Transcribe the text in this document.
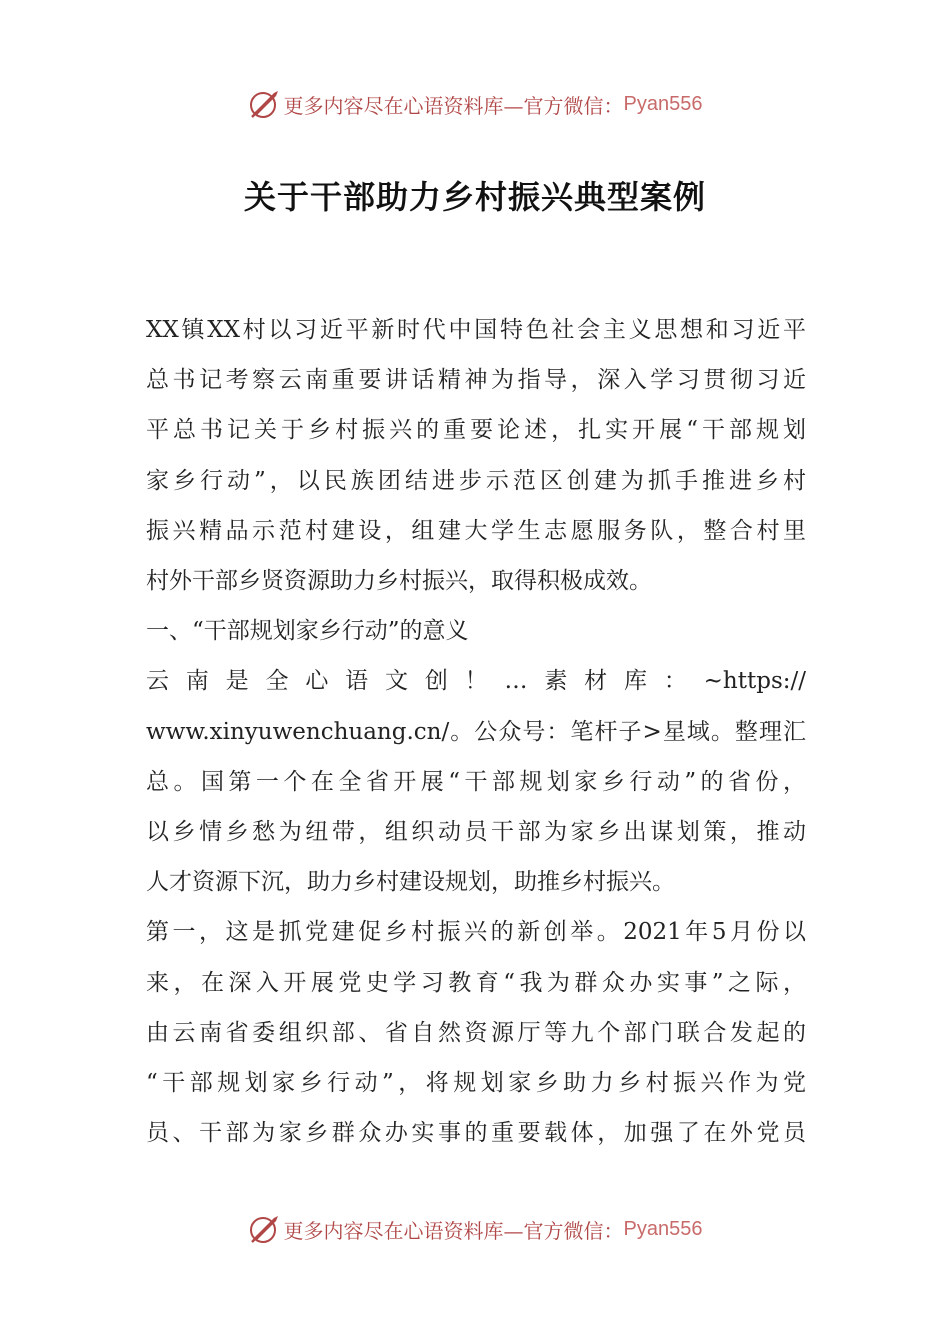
更多内容尽在心语资料库—官方微信： Pyan556
关于干部助力乡村振兴典型案例

XX镇XX村以习近平新时代中国特色社会主义思想和习近平

总书记考察云南重要讲话精神为指导，深入学习贯彻习近

平总书记关于乡村振兴的重要论述，扎实开展“干部规划

家乡行动”，以民族团结进步示范区创建为抓手推进乡村

振兴精品示范村建设，组建大学生志愿服务队，整合村里

村外干部乡贤资源助力乡村振兴，取得积极成效。

一、“干部规划家乡行动”的意义

云南是全心语文创！…素材库：~https://

www.xinyuwenchuang.cn/。公众号：笔杆子>星域。整理汇

总。国第一个在全省开展“干部规划家乡行动”的省份，

以乡情乡愁为纽带，组织动员干部为家乡出谋划策，推动

人才资源下沉，助力乡村建设规划，助推乡村振兴。

第一，这是抓党建促乡村振兴的新创举。2021年5月份以

来，在深入开展党史学习教育“我为群众办实事”之际，

由云南省委组织部、省自然资源厅等九个部门联合发起的

“干部规划家乡行动”，将规划家乡助力乡村振兴作为党

员、干部为家乡群众办实事的重要载体，加强了在外党员

更多内容尽在心语资料库—官方微信： Pyan556
